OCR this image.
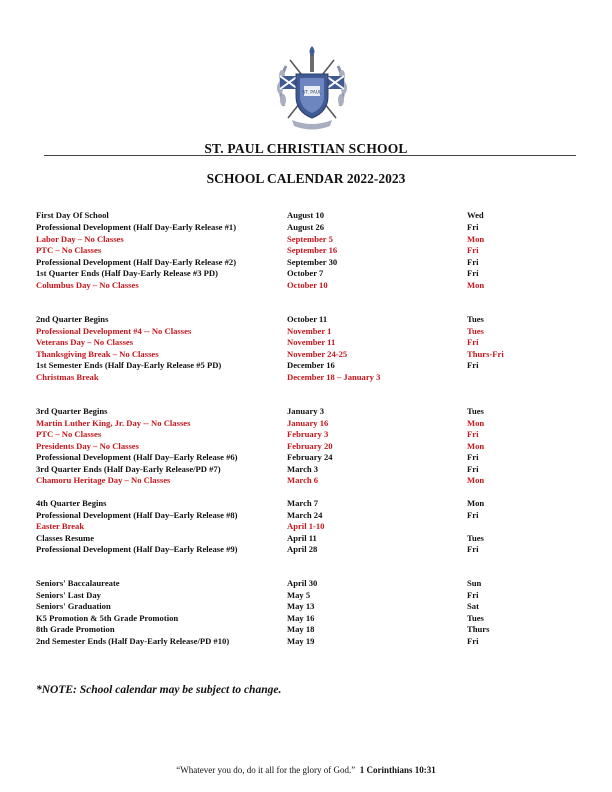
ST. PAUL
ST. PAUL CHRISTIAN SCHOOL
SCHOOL CALENDAR 2022-2023
First Day Of School	August 10	Wed
Professional Development (Half Day-Early Release #1)	August 26	Fri
Labor Day – No Classes	September 5	Mon
PTC – No Classes	September 16	Fri
Professional Development (Half Day-Early Release #2)	September 30	Fri
1st Quarter Ends (Half Day-Early Release #3 PD)	October 7	Fri
Columbus Day – No Classes	October 10	Mon
2nd Quarter Begins	October 11	Tues
Professional Development #4 -- No Classes	November 1	Tues
Veterans Day – No Classes	November 11	Fri
Thanksgiving Break – No Classes	November 24-25	Thurs-Fri
1st Semester Ends (Half Day-Early Release #5 PD)	December 16	Fri
Christmas Break	December 18 – January 3
3rd Quarter Begins	January 3	Tues
Martin Luther King, Jr. Day -- No Classes	January 16	Mon
PTC – No Classes	February 3	Fri
Presidents Day – No Classes	February 20	Mon
Professional Development (Half Day–Early Release #6)	February 24	Fri
3rd Quarter Ends (Half Day-Early Release/PD #7)	March 3	Fri
Chamoru Heritage Day – No Classes	March 6	Mon
4th Quarter Begins	March 7	Mon
Professional Development (Half Day–Early Release #8)	March 24	Fri
Easter Break	April 1-10
Classes Resume	April 11	Tues
Professional Development (Half Day–Early Release #9)	April 28	Fri
Seniors' Baccalaureate	April 30	Sun
Seniors' Last Day	May 5	Fri
Seniors' Graduation	May 13	Sat
K5 Promotion & 5th Grade Promotion	May 16	Tues
8th Grade Promotion	May 18	Thurs
2nd Semester Ends (Half Day-Early Release/PD #10)	May 19	Fri
*NOTE: School calendar may be subject to change.
“Whatever you do, do it all for the glory of God.” 1 Corinthians 10:31
